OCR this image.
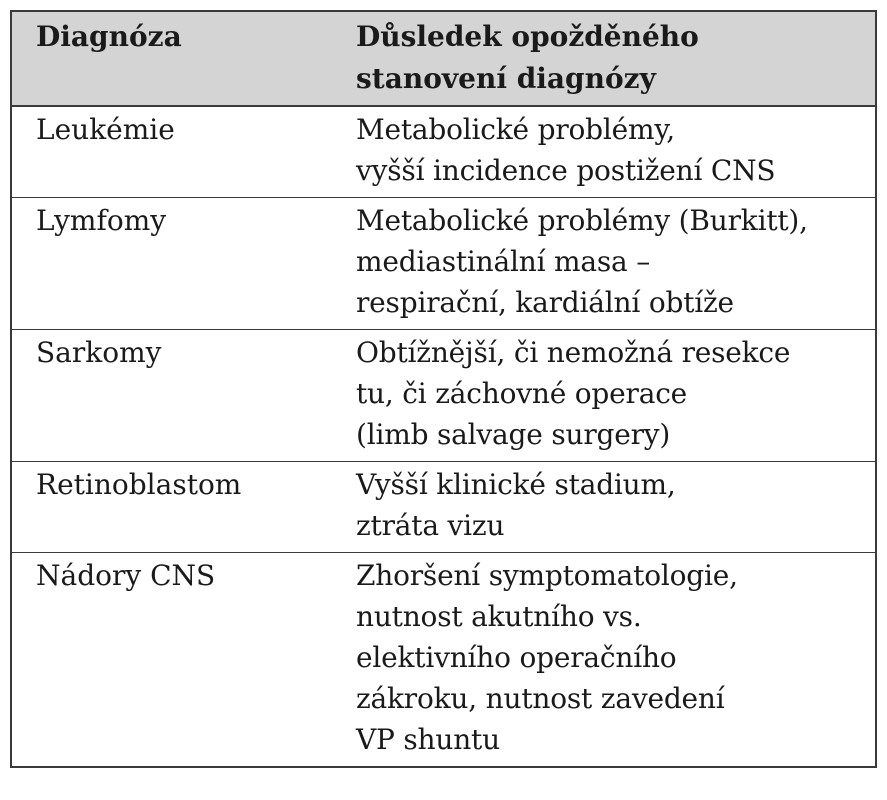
Diagnóza	Důsledek opožděného
stanovení diagnózy
Leukémie	Metabolické problémy,
vyšší incidence postižení CNS
Lymfomy	Metabolické problémy (Burkitt),
mediastinální masa –
respirační, kardiální obtíže
Sarkomy	Obtížnější, či nemožná resekce
tu, či záchovné operace
(limb salvage surgery)
Retinoblastom	Vyšší klinické stadium,
ztráta vizu
Nádory CNS	Zhoršení symptomatologie,
nutnost akutního vs.
elektivního operačního
zákroku, nutnost zavedení
VP shuntu
